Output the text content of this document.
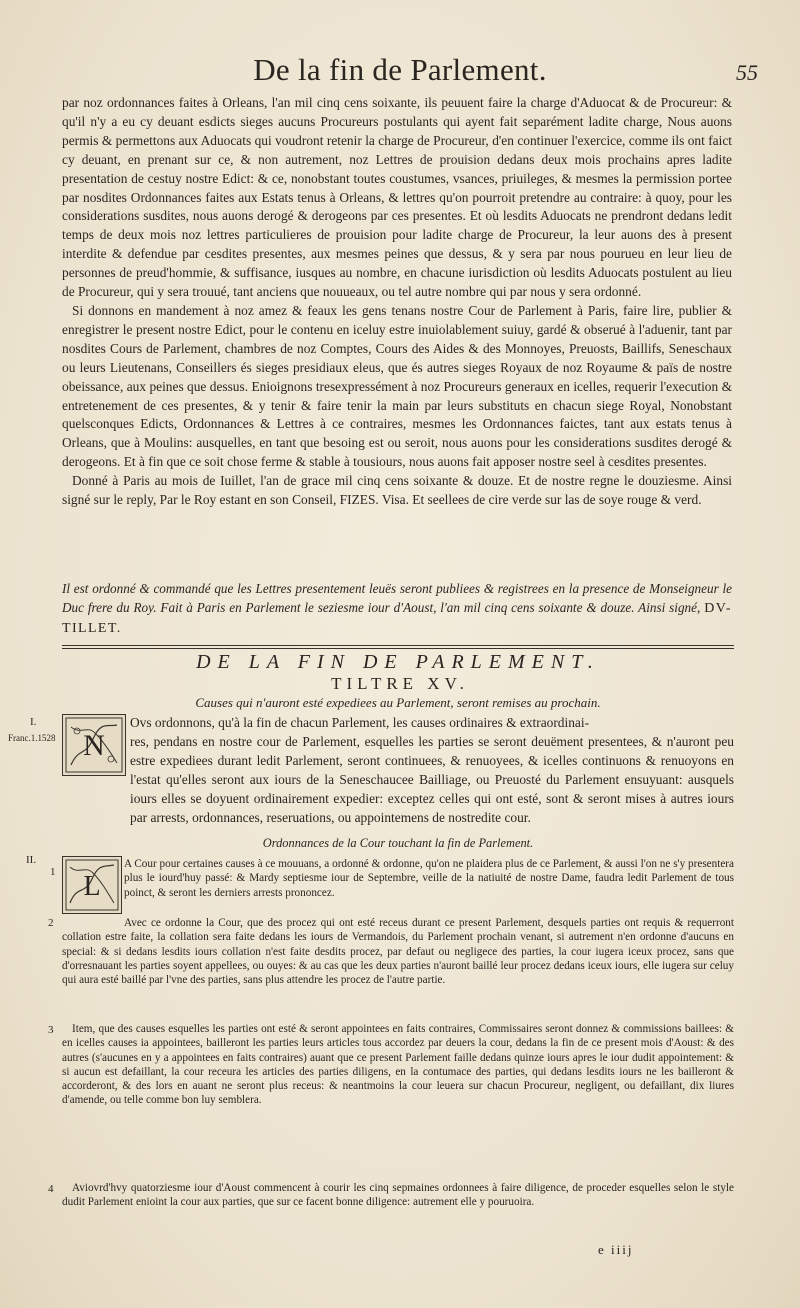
De la fin de Parlement.	55

par noz ordonnances faites à Orleans, l'an mil cinq cens soixante, ils peuuent faire la charge d'Aduocat & de Procureur: & qu'il n'y a eu cy deuant esdicts sieges aucuns Procureurs postulants qui ayent fait separément ladite charge, Nous auons permis & permettons aux Aduocats qui voudront retenir la charge de Procureur, d'en continuer l'exercice, comme ils ont faict cy deuant, en prenant sur ce, & non autrement, noz Lettres de prouision dedans deux mois prochains apres ladite presentation de cestuy nostre Edict: & ce, nonobstant toutes coustumes, vsances, priuileges, & mesmes la permission portee par nosdites Ordonnances faites aux Estats tenus à Orleans, & lettres qu'on pourroit pretendre au contraire: à quoy, pour les considerations susdites, nous auons derogé & derogeons par ces presentes. Et où lesdits Aduocats ne prendront dedans ledit temps de deux mois noz lettres particulieres de prouision pour ladite charge de Procureur, la leur auons des à present interdite & defendue par cesdites presentes, aux mesmes peines que dessus, & y sera par nous pourueu en leur lieu de personnes de preud'hommie, & suffisance, iusques au nombre, en chacune iurisdiction où lesdits Aduocats postulent au lieu de Procureur, qui y sera trouué, tant anciens que nouueaux, ou tel autre nombre qui par nous y sera ordonné.

Si donnons en mandement à noz amez & feaux les gens tenans nostre Cour de Parlement à Paris, faire lire, publier & enregistrer le present nostre Edict, pour le contenu en iceluy estre inuiolablement suiuy, gardé & obserué à l'aduenir, tant par nosdites Cours de Parlement, chambres de noz Comptes, Cours des Aides & des Monnoyes, Preuosts, Baillifs, Seneschaux ou leurs Lieutenans, Conseillers és sieges presidiaux eleus, que és autres sieges Royaux de noz Royaume & païs de nostre obeissance, aux peines que dessus. Enioignons tresexpressément à noz Procureurs generaux en icelles, requerir l'execution & entretenement de ces presentes, & y tenir & faire tenir la main par leurs substituts en chacun siege Royal, Nonobstant quelsconques Edicts, Ordonnances & Lettres à ce contraires, mesmes les Ordonnances faictes, tant aux estats tenus à Orleans, que à Moulins: ausquelles, en tant que besoing est ou seroit, nous auons pour les considerations susdites derogé & derogeons. Et à fin que ce soit chose ferme & stable à tousiours, nous auons fait apposer nostre seel à cesdites presentes.

Donné à Paris au mois de Iuillet, l'an de grace mil cinq cens soixante & douze. Et de nostre regne le douziesme. Ainsi signé sur le reply, Par le Roy estant en son Conseil, FIZES. Visa. Et seellees de cire verde sur las de soye rouge & verd.

Il est ordonné & commandé que les Lettres presentement leuës seront publiees & registrees en la presence de Monseigneur le Duc frere du Roy. Fait à Paris en Parlement le seziesme iour d'Aoust, l'an mil cinq cens soixante & douze. Ainsi signé, DV-TILLET.
DE LA FIN DE PARLEMENT.
TILTRE XV.
Causes qui n'auront esté expediees au Parlement, seront remises au prochain.
I.
Franc.1.1528 N
Ovs ordonnons, qu'à la fin de chacun Parlement, les causes ordinaires & extraordinai-

res, pendans en nostre cour de Parlement, esquelles les parties se seront deuëment presentees, & n'auront peu estre expediees durant ledit Parlement, seront continuees, & renuoyees, & icelles continuons & renuoyons en l'estat qu'elles seront aux iours de la Seneschaucee Bailliage, ou Preuosté du Parlement ensuyuant: ausquels iours elles se doyuent ordinairement expedier: exceptez celles qui ont esté, sont & seront mises à autres iours par arrests, ordonnances, reseruations, ou appointemens de nostredite cour.

Ordonnances de la Cour touchant la fin de Parlement.
II.
1 L

A Cour pour certaines causes à ce mouuans, a ordonné & ordonne, qu'on ne plaidera plus de ce Parlement, & aussi l'on ne s'y presentera plus le iourd'huy passé: & Mardy septiesme iour de Septembre, veille de la natiuité de nostre Dame, faudra ledit Parlement de tous poinct, & seront les derniers arrests prononcez.

2	Avec ce ordonne la Cour, que des procez qui ont esté receus durant ce present Parlement, desquels parties ont requis & requerront collation estre faite, la collation sera faite dedans les iours de Vermandois, du Parlement prochain venant, si autrement n'en ordonne d'aucuns en special: & si dedans lesdits iours collation n'est faite desdits procez, par defaut ou negligece des parties, la cour iugera iceux procez, sans que d'orresnauant les parties soyent appellees, ou ouyes: & au cas que les deux parties n'auront baillé leur procez dedans iceux iours, elle iugera sur celuy qui aura esté baillé par l'vne des parties, sans plus attendre les procez de l'autre partie.

3	Item, que des causes esquelles les parties ont esté & seront appointees en faits contraires, Commissaires seront donnez & commissions baillees: & en icelles causes ia appointees, bailleront les parties leurs articles tous accordez par deuers la cour, dedans la fin de ce present mois d'Aoust: & des autres (s'aucunes en y a appointees en faits contraires) auant que ce present Parlement faille dedans quinze iours apres le iour dudit appointement: & si aucun est defaillant, la cour receura les articles des parties diligens, en la contumace des parties, qui dedans lesdits iours ne les bailleront & accorderont, & des lors en auant ne seront plus receus: & neantmoins la cour leuera sur chacun Procureur, negligent, ou defaillant, dix liures d'amende, ou telle comme bon luy semblera.

4	Aviovrd'hvy quatorziesme iour d'Aoust commencent à courir les cinq sepmaines ordonnees à faire diligence, de proceder esquelles selon le style dudit Parlement enioint la cour aux parties, que sur ce facent bonne diligence: autrement elle y pouruoira.

e iiij
